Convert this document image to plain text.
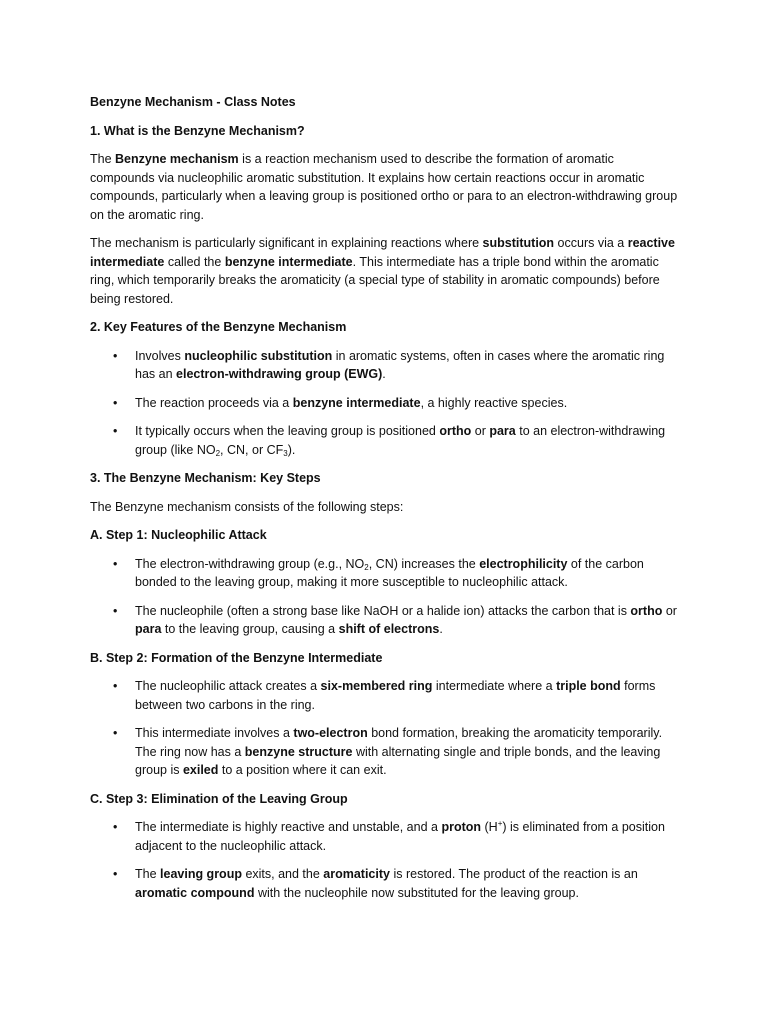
Benzyne Mechanism - Class Notes

1. What is the Benzyne Mechanism?

The Benzyne mechanism is a reaction mechanism used to describe the formation of aromatic compounds via nucleophilic aromatic substitution. It explains how certain reactions occur in aromatic compounds, particularly when a leaving group is positioned ortho or para to an electron-withdrawing group on the aromatic ring.

The mechanism is particularly significant in explaining reactions where substitution occurs via a reactive intermediate called the benzyne intermediate. This intermediate has a triple bond within the aromatic ring, which temporarily breaks the aromaticity (a special type of stability in aromatic compounds) before being restored.

2. Key Features of the Benzyne Mechanism

• Involves nucleophilic substitution in aromatic systems, often in cases where the aromatic ring has an electron-withdrawing group (EWG).
• The reaction proceeds via a benzyne intermediate, a highly reactive species.
• It typically occurs when the leaving group is positioned ortho or para to an electron-withdrawing group (like $NO_2$, CN, or $CF_3$).

3. The Benzyne Mechanism: Key Steps

The Benzyne mechanism consists of the following steps:

A. Step 1: Nucleophilic Attack

• The electron-withdrawing group (e.g., $NO_2$, CN) increases the electrophilicity of the carbon bonded to the leaving group, making it more susceptible to nucleophilic attack.
• The nucleophile (often a strong base like NaOH or a halide ion) attacks the carbon that is ortho or para to the leaving group, causing a shift of electrons.

B. Step 2: Formation of the Benzyne Intermediate

• The nucleophilic attack creates a six-membered ring intermediate where a triple bond forms between two carbons in the ring.
• This intermediate involves a two-electron bond formation, breaking the aromaticity temporarily. The ring now has a benzyne structure with alternating single and triple bonds, and the leaving group is exiled to a position where it can exit.

C. Step 3: Elimination of the Leaving Group

• The intermediate is highly reactive and unstable, and a proton (H+) is eliminated from a position adjacent to the nucleophilic attack.
• The leaving group exits, and the aromaticity is restored. The product of the reaction is an aromatic compound with the nucleophile now substituted for the leaving group.
